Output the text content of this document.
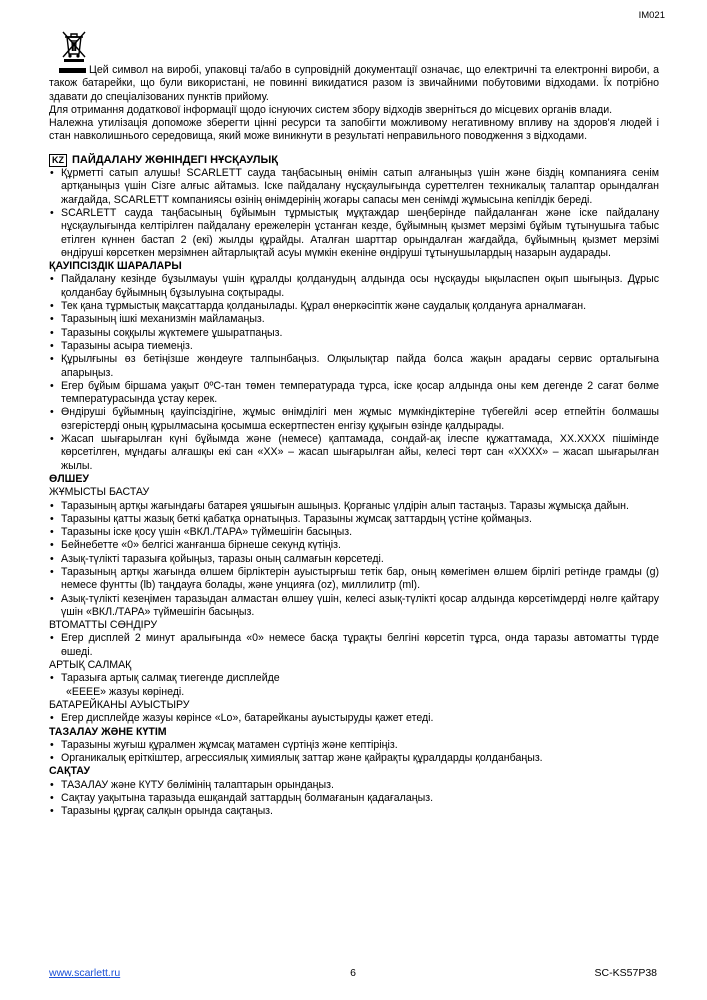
IM021

Цей символ на виробі, упаковці та/або в супровідній документації означає, що електричні та електронні вироби, а також батарейки, що були використані, не повинні викидатися разом із звичайними побутовими відходами. Їх потрібно здавати до спеціалізованих пунктів прийому.

Для отримання додаткової інформації щодо існуючих систем збору відходів зверніться до місцевих органів влади.

Належна утилізація допоможе зберегти цінні ресурси та запобігти можливому негативному впливу на здоров'я людей і стан навколишнього середовища, який може виникнути в результаті неправильного поводження з відходами.

KZ ПАЙДАЛАНУ ЖӨНІНДЕГІ НҰСҚАУЛЫҚ
• Құрметті сатып алушы! SCARLETT сауда таңбасының өнімін сатып алғаныңыз үшін және біздің компанияға сенім артқаныңыз үшін Сізге алғыс айтамыз. Іске пайдалану нұсқаулығында суреттелген техникалық талаптар орындалған жағдайда, SCARLETT компаниясы өзінің өнімдерінің жоғары сапасы мен сенімді жұмысына кепілдік береді.
• SCARLETT сауда таңбасының бұйымын тұрмыстық мұқтаждар шеңберінде пайдаланған және іске пайдалану нұсқаулығында келтірілген пайдалану ережелерін ұстанған кезде, бұйымның қызмет мерзімі бұйым тұтынушыға табыс етілген күннен бастап 2 (екі) жылды құрайды. Аталған шарттар орындалған жағдайда, бұйымның қызмет мерзімі өндіруші көрсеткен мерзімнен айтарлықтай асуы мүмкін екеніне өндіруші тұтынушылардың назарын аударады.
ҚАУІПСІЗДІК ШАРАЛАРЫ
• Пайдалану кезінде бұзылмауы үшін құралды қолданудың алдында осы нұсқауды ықыласпен оқып шығыңыз. Дұрыс қолданбау бұйымның бұзылуына соқтырады.
• Тек қана тұрмыстық мақсаттарда қолданылады. Құрал өнеркәсіптік және саудалық қолдануға арналмаған.
• Таразының ішкі механизмін майламаңыз.
• Таразыны соққылы жүктемеге ұшыратпаңыз.
• Таразыны асыра тиемеңіз.
• Құрылғыны өз бетіңізше жөндеуге талпынбаңыз. Олқылықтар пайда болса жақын арадағы сервис орталығына апарыңыз.
• Егер бұйым біршама уақыт 0ºC-тан төмен температурада тұрса, іске қосар алдында оны кем дегенде 2 сағат бөлме температурасында ұстау керек.
• Өндіруші бұйымның қауіпсіздігіне, жұмыс өнімділігі мен жұмыс мүмкіндіктеріне түбегейлі әсер етпейтін болмашы өзгерістерді оның құрылмасына қосымша ескертпестен енгізу құқығын өзінде қалдырады.
• Жасап шығарылған күні бұйымда және (немесе) қаптамада, сондай-ақ ілеспе құжаттамада, XX.XXXX пішімінде көрсетілген, мұндағы алғашқы екі сан «XX» – жасап шығарылған айы, келесі төрт сан «XXXX» – жасап шығарылған жылы.
ӨЛШЕУ
ЖҰМЫСТЫ БАСТАУ
• Таразының артқы жағындағы батарея ұяшығын ашыңыз. Қорғаныс үлдірін алып тастаңыз. Таразы жұмысқа дайын.
• Таразыны қатты жазық беткі қабатқа орнатыңыз. Таразыны жұмсақ заттардың үстіне қоймаңыз.
• Таразыны іске қосу үшін «ВКЛ./ТАРА» түймешігін басыңыз.
• Бейнебетте «0» белгісі жанғанша бірнеше секунд күтіңіз.
• Азық-түлікті таразыға қойыңыз, таразы оның салмағын көрсетеді.
• Таразының артқы жағында өлшем бірліктерін ауыстырғыш тетік бар, оның көмегімен өлшем бірлігі ретінде грамды (g) немесе фунтты (lb) таңдауға болады, және унцияға (oz), миллилитр (ml).
• Азық-түлікті кезеңімен таразыдан алмастан өлшеу үшін, келесі азық-түлікті қосар алдында көрсетімдерді нөлге қайтару үшін «ВКЛ./ТАРА» түймешігін басыңыз.
ВТОМАТТЫ СӨНДІРУ
• Егер дисплей 2 минут аралығында «0» немесе басқа тұрақты белгіні көрсетіп тұрса, онда таразы автоматты түрде өшеді.
АРТЫҚ САЛМАҚ
• Таразыға артық салмақ тиегенде дисплейде
«EEEE» жазуы көрінеді.
БАТАРЕЙКАНЫ АУЫСТЫРУ
• Егер дисплейде жазуы көрінсе «Lo», батарейканы ауыстыруды қажет етеді.
ТАЗАЛАУ ЖӘНЕ КҮТІМ
• Таразыны жуғыш құралмен жұмсақ матамен сүртіңіз және кептіріңіз.
• Органикалық еріткіштер, агрессиялық химиялық заттар және қайрақты құралдарды қолданбаңыз.
САҚТАУ
• ТАЗАЛАУ және КҮТУ бөлімінің талаптарын орындаңыз.
• Сақтау уақытына таразыда ешқандай заттардың болмағанын қадағалаңыз.
• Таразыны құрғақ салқын орында сақтаңыз.
www.scarlett.ru	6	SC-KS57P38
